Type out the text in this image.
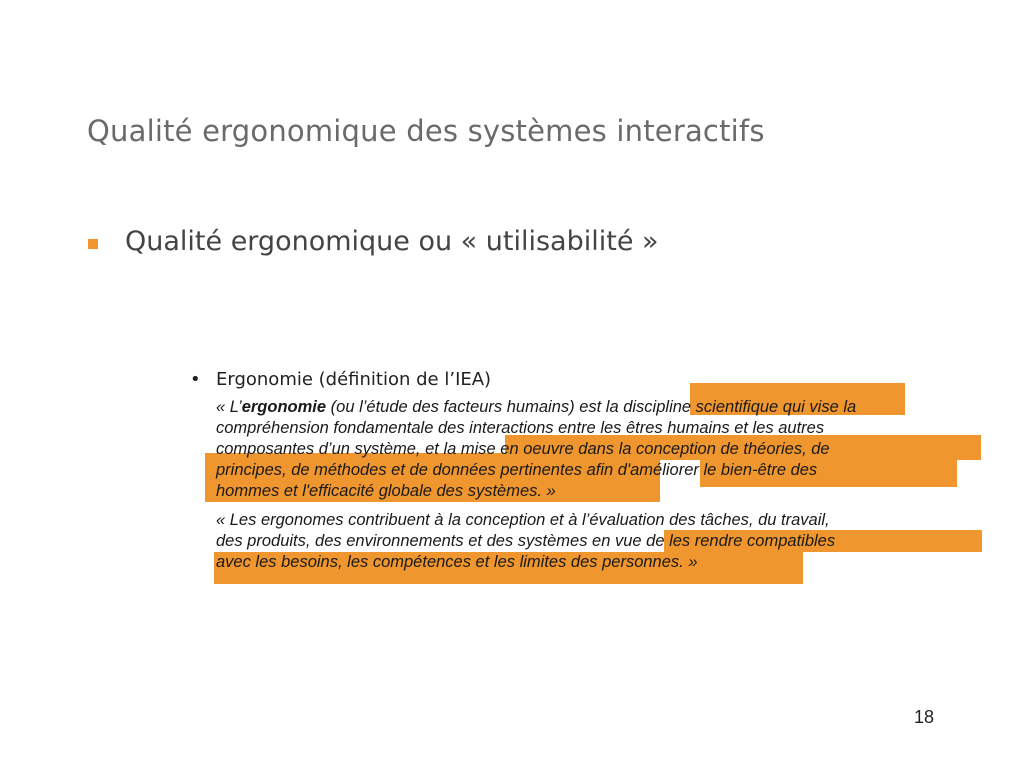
Qualité ergonomique des systèmes interactifs
Qualité ergonomique ou « utilisabilité »
• Ergonomie (définition de l’IEA)
« L’ergonomie (ou l’étude des facteurs humains) est la discipline scientifique qui vise la
compréhension fondamentale des interactions entre les êtres humains et les autres
composantes d’un système, et la mise en oeuvre dans la conception de théories, de
principes, de méthodes et de données pertinentes afin d'améliorer le bien-être des
hommes et l'efficacité globale des systèmes. »
« Les ergonomes contribuent à la conception et à l’évaluation des tâches, du travail,
des produits, des environnements et des systèmes en vue de les rendre compatibles
avec les besoins, les compétences et les limites des personnes. »
18
